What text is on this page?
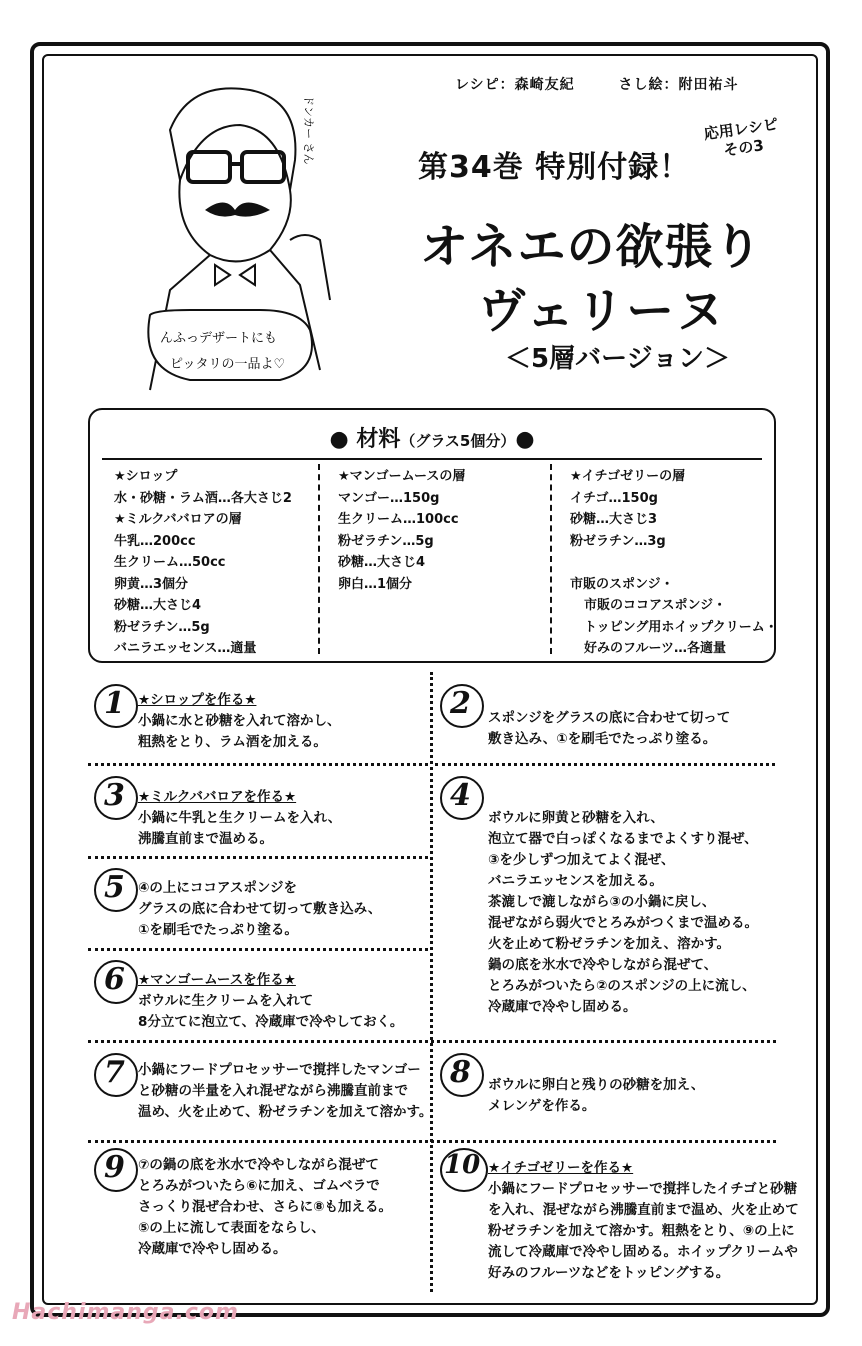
レシピ：森崎友紀	さし絵：附田祐斗
んふっデザートにも
ピッタリの一品よ♡
ドンカー さん
第34巻 特別付録！
応用レシピ
その3
オネエの欲張り
ヴェリーヌ
＜5層バージョン＞
● 材料（グラス5個分）●
★シロップ
水・砂糖・ラム酒…各大さじ2
★ミルクババロアの層
牛乳…200cc
生クリーム…50cc
卵黄…3個分
砂糖…大さじ4
粉ゼラチン…5g
バニラエッセンス…適量
★マンゴームースの層
マンゴー…150g
生クリーム…100cc
粉ゼラチン…5g
砂糖…大さじ4
卵白…1個分
★イチゴゼリーの層
イチゴ…150g
砂糖…大さじ3
粉ゼラチン…3g

市販のスポンジ・
市販のココアスポンジ・
トッピング用ホイップクリーム・
好みのフルーツ…各適量
1 ★シロップを作る★
小鍋に水と砂糖を入れて溶かし、
粗熱をとり、ラム酒を加える。
2 スポンジをグラスの底に合わせて切って
敷き込み、①を刷毛でたっぷり塗る。
3 ★ミルクババロアを作る★
小鍋に牛乳と生クリームを入れ、
沸騰直前まで温める。
4
ボウルに卵黄と砂糖を入れ、
泡立て器で白っぽくなるまでよくすり混ぜ、
③を少しずつ加えてよく混ぜ、
バニラエッセンスを加える。
茶漉しで漉しながら③の小鍋に戻し、
混ぜながら弱火でとろみがつくまで温める。
火を止めて粉ゼラチンを加え、溶かす。
鍋の底を氷水で冷やしながら混ぜて、
とろみがついたら②のスポンジの上に流し、
冷蔵庫で冷やし固める。
5 ④の上にココアスポンジを
グラスの底に合わせて切って敷き込み、
①を刷毛でたっぷり塗る。
6 ★マンゴームースを作る★
ボウルに生クリームを入れて
8分立てに泡立て、冷蔵庫で冷やしておく。
7 小鍋にフードプロセッサーで撹拌したマンゴー
と砂糖の半量を入れ混ぜながら沸騰直前まで
温め、火を止めて、粉ゼラチンを加えて溶かす。
8 ボウルに卵白と残りの砂糖を加え、
メレンゲを作る。
9 ⑦の鍋の底を氷水で冷やしながら混ぜて
とろみがついたら⑥に加え、ゴムベラで
さっくり混ぜ合わせ、さらに⑧も加える。
⑤の上に流して表面をならし、
冷蔵庫で冷やし固める。
10 ★イチゴゼリーを作る★
小鍋にフードプロセッサーで撹拌したイチゴと砂糖
を入れ、混ぜながら沸騰直前まで温め、火を止めて
粉ゼラチンを加えて溶かす。粗熱をとり、⑨の上に
流して冷蔵庫で冷やし固める。ホイップクリームや
好みのフルーツなどをトッピングする。
Hachimanga.com
